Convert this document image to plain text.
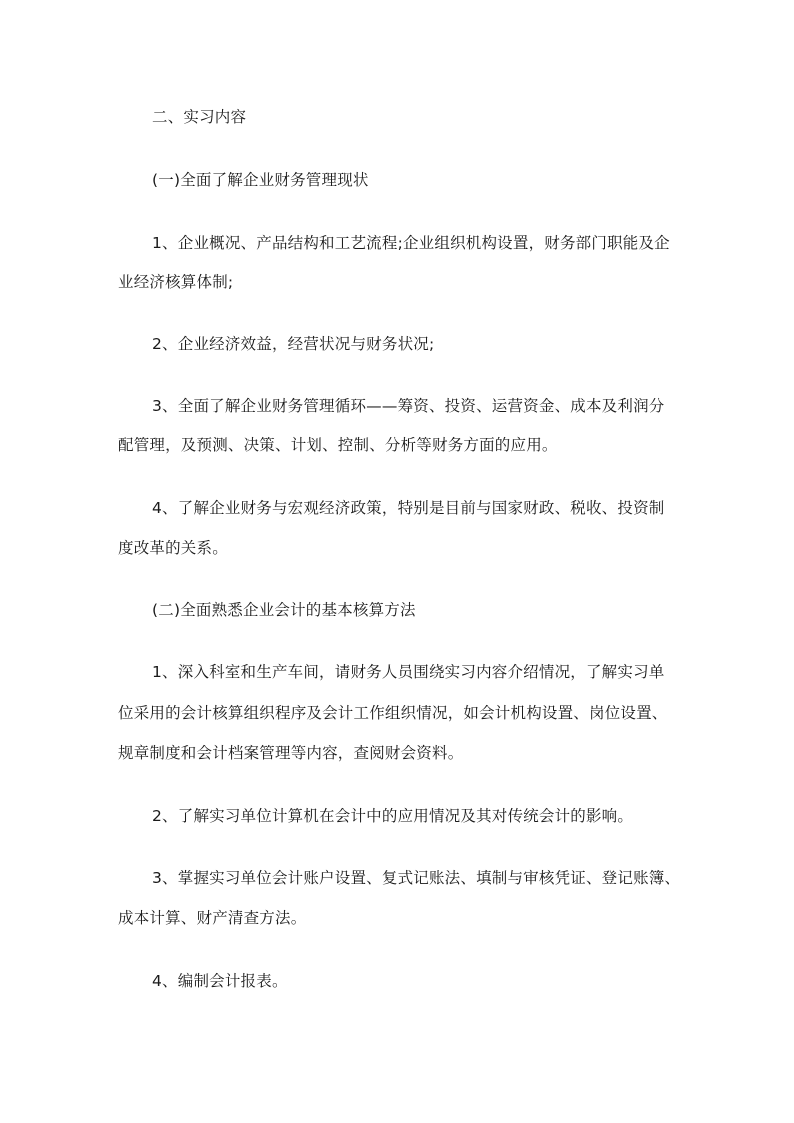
二、实习内容
(一)全面了解企业财务管理现状
1、企业概况、产品结构和工艺流程;企业组织机构设置，财务部门职能及企
业经济核算体制;
2、企业经济效益，经营状况与财务状况;
3、全面了解企业财务管理循环——筹资、投资、运营资金、成本及利润分
配管理，及预测、决策、计划、控制、分析等财务方面的应用。
4、了解企业财务与宏观经济政策，特别是目前与国家财政、税收、投资制
度改革的关系。
(二)全面熟悉企业会计的基本核算方法
1、深入科室和生产车间，请财务人员围绕实习内容介绍情况，了解实习单
位采用的会计核算组织程序及会计工作组织情况，如会计机构设置、岗位设置、
规章制度和会计档案管理等内容，查阅财会资料。
2、了解实习单位计算机在会计中的应用情况及其对传统会计的影响。
3、掌握实习单位会计账户设置、复式记账法、填制与审核凭证、登记账簿、
成本计算、财产清查方法。
4、编制会计报表。
